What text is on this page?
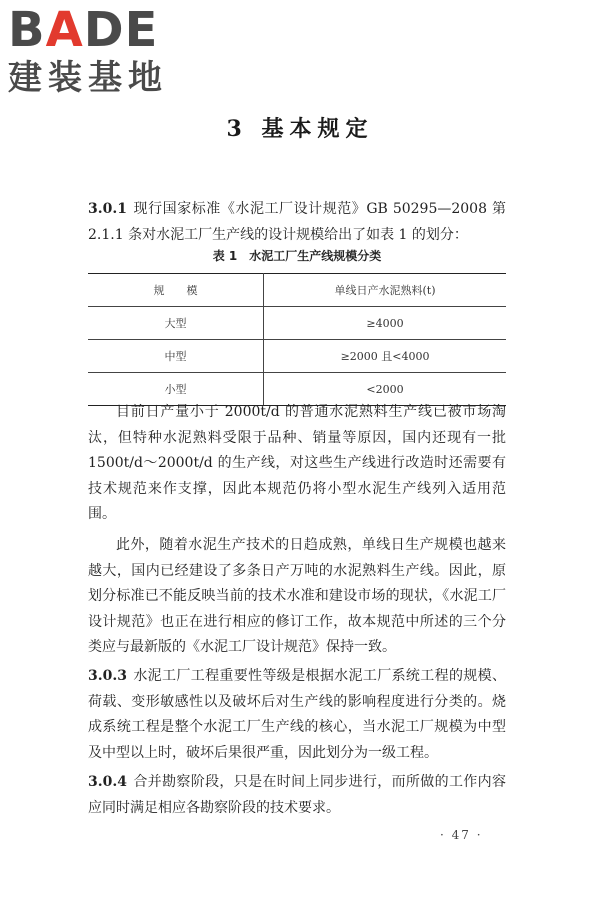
BADE
建装基地
3 基本规定
3.0.1 现行国家标准《水泥工厂设计规范》GB 50295—2008 第2.1.1 条对水泥工厂生产线的设计规模给出了如表 1 的划分：
表 1　水泥工厂生产线规模分类
规　　模	单线日产水泥熟料(t)
大型	≥4000
中型	≥2000 且<4000
小型	<2000
目前日产量小于 2000t/d 的普通水泥熟料生产线已被市场淘汰，但特种水泥熟料受限于品种、销量等原因，国内还现有一批 1500t/d～2000t/d 的生产线，对这些生产线进行改造时还需要有技术规范来作支撑，因此本规范仍将小型水泥生产线列入适用范围。
此外，随着水泥生产技术的日趋成熟，单线日生产规模也越来越大，国内已经建设了多条日产万吨的水泥熟料生产线。因此，原划分标准已不能反映当前的技术水准和建设市场的现状，《水泥工厂设计规范》也正在进行相应的修订工作，故本规范中所述的三个分类应与最新版的《水泥工厂设计规范》保持一致。
3.0.3 水泥工厂工程重要性等级是根据水泥工厂系统工程的规模、荷载、变形敏感性以及破坏后对生产线的影响程度进行分类的。烧成系统工程是整个水泥工厂生产线的核心，当水泥工厂规模为中型及中型以上时，破坏后果很严重，因此划分为一级工程。
3.0.4 合并勘察阶段，只是在时间上同步进行，而所做的工作内容应同时满足相应各勘察阶段的技术要求。
· 47 ·
